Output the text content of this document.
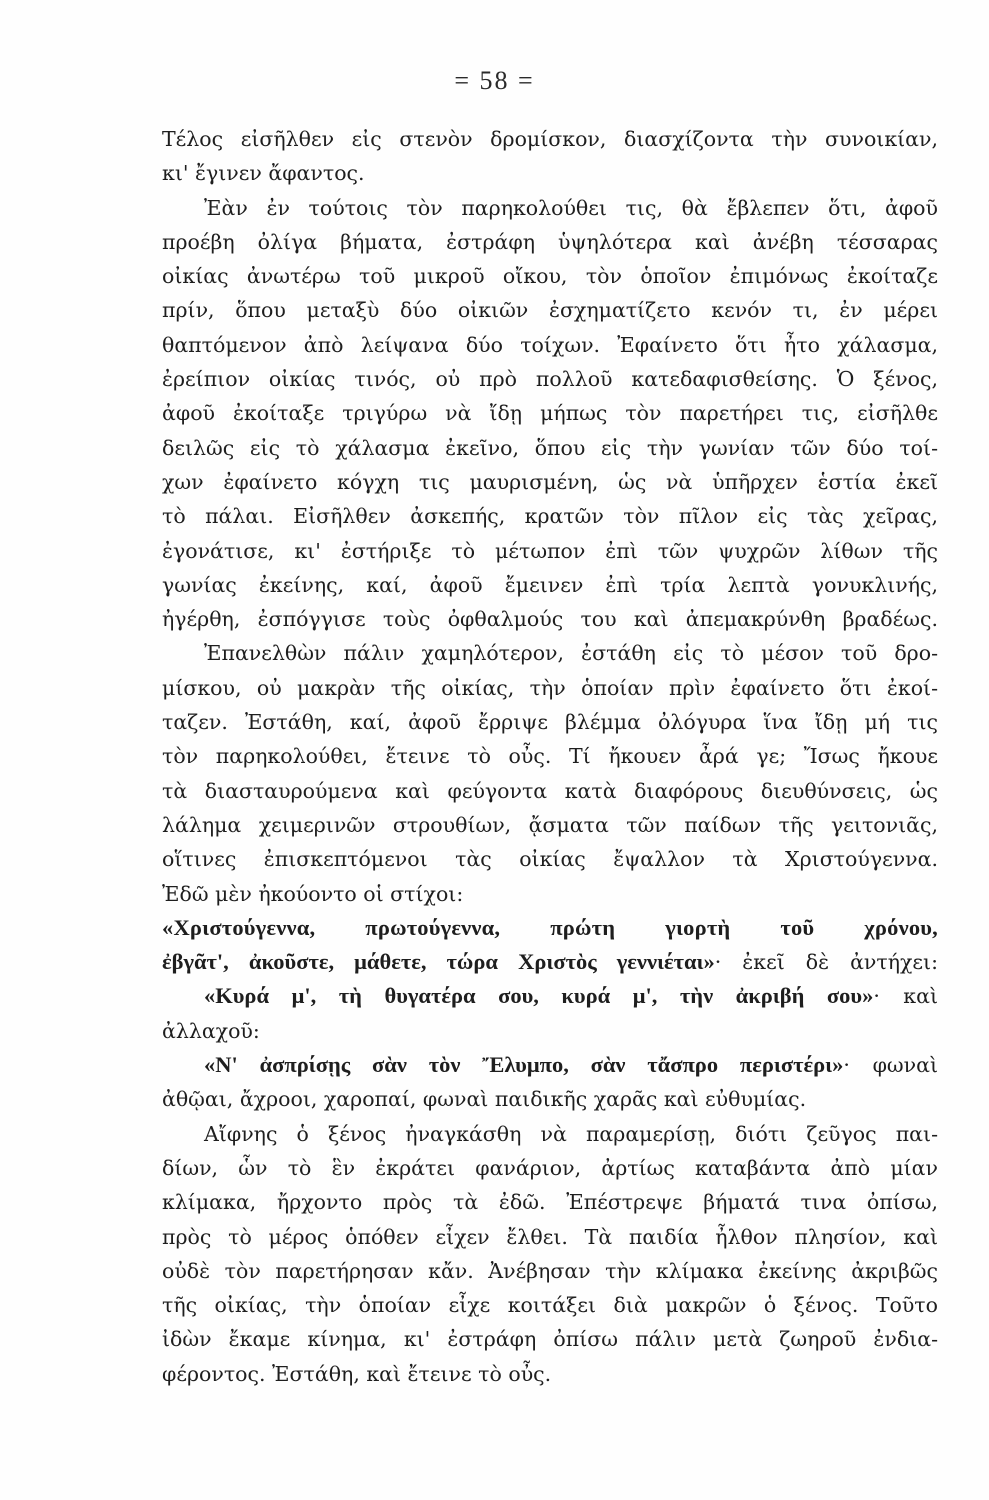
= 58 =
Τέλος εἰσῆλθεν εἰς στενὸν δρομίσκον, διασχίζοντα τὴν συνοικίαν,
κι' ἔγινεν ἄφαντος.
Ἐὰν ἐν τούτοις τὸν παρηκολούθει τις, θὰ ἔβλεπεν ὅτι, ἀφοῦ
προέβη ὀλίγα βήματα, ἐστράφη ὑψηλότερα καὶ ἀνέβη τέσσαρας
οἰκίας ἀνωτέρω τοῦ μικροῦ οἴκου, τὸν ὁποῖον ἐπιμόνως ἐκοίταζε
πρίν, ὅπου μεταξὺ δύο οἰκιῶν ἐσχηματίζετο κενόν τι, ἐν μέρει
θαπτόμενον ἀπὸ λείψανα δύο τοίχων. Ἐφαίνετο ὅτι ἦτο χάλασμα,
ἐρείπιον οἰκίας τινός, οὐ πρὸ πολλοῦ κατεδαφισθείσης. Ὁ ξένος,
ἀφοῦ ἐκοίταξε τριγύρω νὰ ἴδῃ μήπως τὸν παρετήρει τις, εἰσῆλθε
δειλῶς εἰς τὸ χάλασμα ἐκεῖνο, ὅπου εἰς τὴν γωνίαν τῶν δύο τοί-
χων ἐφαίνετο κόγχη τις μαυρισμένη, ὡς νὰ ὑπῆρχεν ἑστία ἐκεῖ
τὸ πάλαι. Εἰσῆλθεν ἀσκεπής, κρατῶν τὸν πῖλον εἰς τὰς χεῖρας,
ἐγονάτισε, κι' ἐστήριξε τὸ μέτωπον ἐπὶ τῶν ψυχρῶν λίθων τῆς
γωνίας ἐκείνης, καί, ἀφοῦ ἔμεινεν ἐπὶ τρία λεπτὰ γονυκλινής,
ἠγέρθη, ἐσπόγγισε τοὺς ὀφθαλμούς του καὶ ἀπεμακρύνθη βραδέως.
Ἐπανελθὼν πάλιν χαμηλότερον, ἐστάθη εἰς τὸ μέσον τοῦ δρο-
μίσκου, οὐ μακρὰν τῆς οἰκίας, τὴν ὁποίαν πρὶν ἐφαίνετο ὅτι ἐκοί-
ταζεν. Ἐστάθη, καί, ἀφοῦ ἔρριψε βλέμμα ὀλόγυρα ἵνα ἴδῃ μή τις
τὸν παρηκολούθει, ἔτεινε τὸ οὖς. Τί ἤκουεν ἆρά γε; Ἴσως ἤκουε
τὰ διασταυρούμενα καὶ φεύγοντα κατὰ διαφόρους διευθύνσεις, ὡς
λάλημα χειμερινῶν στρουθίων, ᾄσματα τῶν παίδων τῆς γειτονιᾶς,
οἵτινες ἐπισκεπτόμενοι τὰς οἰκίας ἔψαλλον τὰ Χριστούγεννα.
Ἐδῶ μὲν ἠκούοντο οἱ στίχοι:
«Χριστούγεννα, πρωτούγεννα, πρώτη γιορτὴ τοῦ χρόνου,
ἐβγᾶτ', ἀκοῦστε, μάθετε, τώρα Χριστὸς γεννιέται»· ἐκεῖ δὲ ἀντήχει:
«Κυρά μ', τὴ θυγατέρα σου, κυρά μ', τὴν ἀκριβή σου»· καὶ
ἀλλαχοῦ:
«Ν' ἀσπρίσῃς σὰν τὸν Ἔλυμπο, σὰν τἄσπρο περιστέρι»· φωναὶ
ἀθῷαι, ἄχροοι, χαροπαί, φωναὶ παιδικῆς χαρᾶς καὶ εὐθυμίας.
Αἴφνης ὁ ξένος ἠναγκάσθη νὰ παραμερίσῃ, διότι ζεῦγος παι-
δίων, ὧν τὸ ἓν ἐκράτει φανάριον, ἀρτίως καταβάντα ἀπὸ μίαν
κλίμακα, ἤρχοντο πρὸς τὰ ἐδῶ. Ἐπέστρεψε βήματά τινα ὀπίσω,
πρὸς τὸ μέρος ὁπόθεν εἶχεν ἔλθει. Τὰ παιδία ἦλθον πλησίον, καὶ
οὐδὲ τὸν παρετήρησαν κἄν. Ἀνέβησαν τὴν κλίμακα ἐκείνης ἀκριβῶς
τῆς οἰκίας, τὴν ὁποίαν εἶχε κοιτάξει διὰ μακρῶν ὁ ξένος. Τοῦτο
ἰδὼν ἔκαμε κίνημα, κι' ἐστράφη ὀπίσω πάλιν μετὰ ζωηροῦ ἐνδια-
φέροντος. Ἐστάθη, καὶ ἔτεινε τὸ οὖς.
